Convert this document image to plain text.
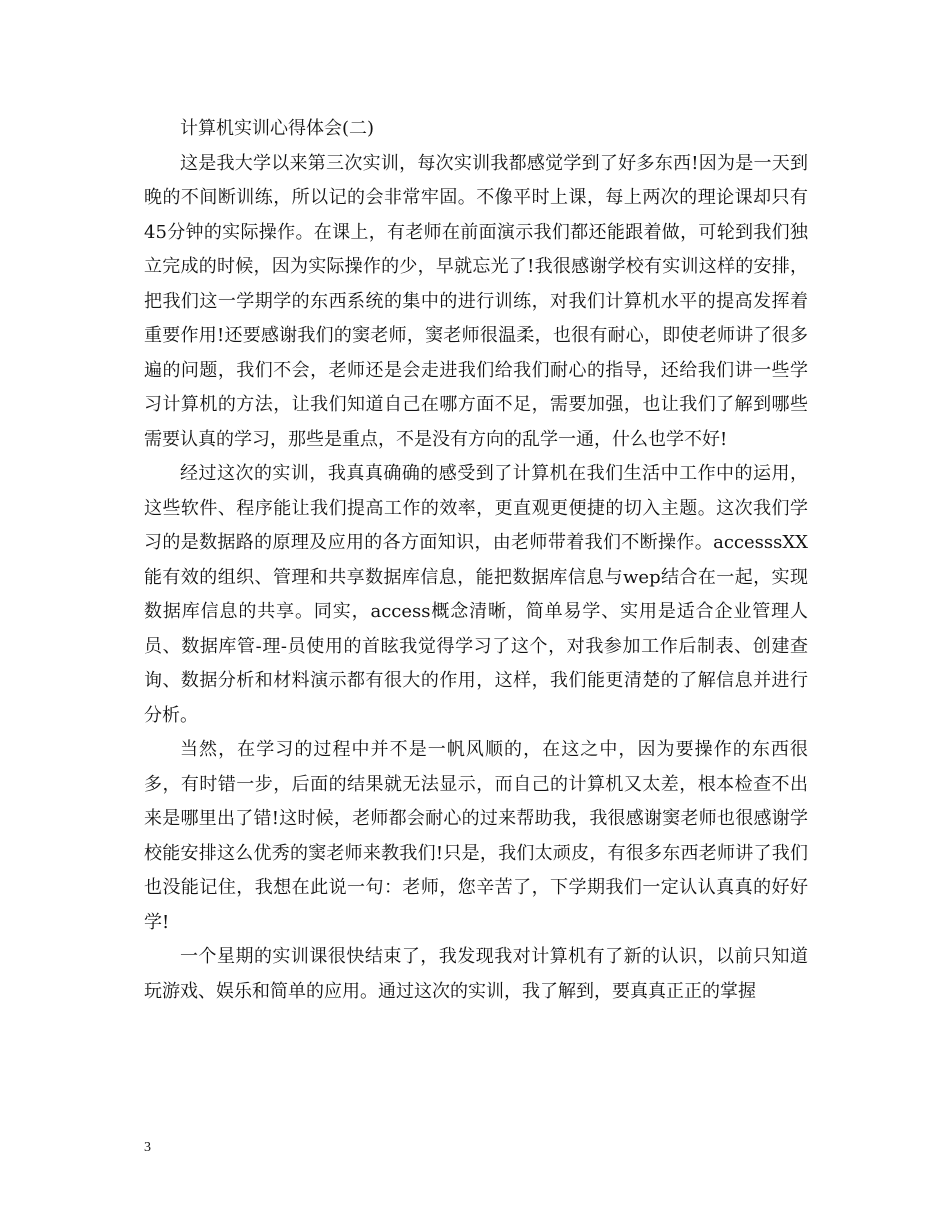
计算机实训心得体会(二)

这是我大学以来第三次实训，每次实训我都感觉学到了好多东西!因为是一天到晚的不间断训练，所以记的会非常牢固。不像平时上课，每上两次的理论课却只有45分钟的实际操作。在课上，有老师在前面演示我们都还能跟着做，可轮到我们独立完成的时候，因为实际操作的少，早就忘光了!我很感谢学校有实训这样的安排，把我们这一学期学的东西系统的集中的进行训练，对我们计算机水平的提高发挥着重要作用!还要感谢我们的窦老师，窦老师很温柔，也很有耐心，即使老师讲了很多遍的问题，我们不会，老师还是会走进我们给我们耐心的指导，还给我们讲一些学习计算机的方法，让我们知道自己在哪方面不足，需要加强，也让我们了解到哪些需要认真的学习，那些是重点，不是没有方向的乱学一通，什么也学不好!

经过这次的实训，我真真确确的感受到了计算机在我们生活中工作中的运用，这些软件、程序能让我们提高工作的效率，更直观更便捷的切入主题。这次我们学习的是数据路的原理及应用的各方面知识，由老师带着我们不断操作。accesssXX能有效的组织、管理和共享数据库信息，能把数据库信息与wep结合在一起，实现数据库信息的共享。同实，access概念清晰，简单易学、实用是适合企业管理人员、数据库管-理-员使用的首眩我觉得学习了这个，对我参加工作后制表、创建查询、数据分析和材料演示都有很大的作用，这样，我们能更清楚的了解信息并进行分析。

当然，在学习的过程中并不是一帆风顺的，在这之中，因为要操作的东西很多，有时错一步，后面的结果就无法显示，而自己的计算机又太差，根本检查不出来是哪里出了错!这时候，老师都会耐心的过来帮助我，我很感谢窦老师也很感谢学校能安排这么优秀的窦老师来教我们!只是，我们太顽皮，有很多东西老师讲了我们也没能记住，我想在此说一句：老师，您辛苦了，下学期我们一定认认真真的好好学!

一个星期的实训课很快结束了，我发现我对计算机有了新的认识，以前只知道玩游戏、娱乐和简单的应用。通过这次的实训，我了解到，要真真正正的掌握

3
